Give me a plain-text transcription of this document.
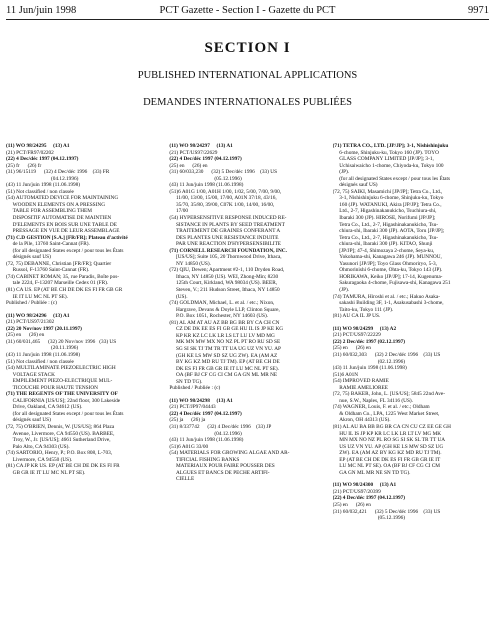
11 Jun/juin 1998	PCT Gazette - Section I - Gazette du PCT	9971
SECTION I
PUBLISHED INTERNATIONAL APPLICATIONS
DEMANDES INTERNATIONALES PUBLIÉES
(11) WO 98/24295     (13) A1
(21) PCT/FR97/02202
(22) 4 Dec/déc 1997 (04.12.1997)
(25) fr      (26) fr
(31) 96/15119      (32) 4 Dec/déc 1996    (33) FR
(04.12.1996)
(43) 11 Jun/juin 1998 (11.06.1998)
(51) Not classified / non classée
(54) AUTOMATED DEVICE FOR MAINTAINING
WOODEN ELEMENTS ON A PRESSING
TABLE FOR ASSEMBLING THEM
DISPOSITIF AUTOMATISE DE MAINTIEN
D'ELEMENTS EN BOIS SUR UNE TABLE DE
PRESSAGE EN VUE DE LEUR ASSEMBLAGE
(71) C.D GESTION [S.A.] [FR/FR]; Plateau d'activité
de la Pile, 13760 Saint-Cannat (FR).
(for all designated States except / pour tous les États
désignés sauf US)
(72, 75) DEBANNE, Christian [FR/FR]; Quartier
Russol, F-13760 Saint-Cannat (FR).
(74) CABINET ROMAN; 35, rue Paradis, Boîte pos-
tale 2224, F-13207 Marseille Cedex 01 (FR).
(81) CA US. EP (AT BE CH DE DK ES FI FR GB GR
IE IT LU MC NL PT SE).
Published / Publiée : (c)
(11) WO 98/24296     (13) A1
(21) PCT/US97/21302
(22) 20 Nov/nov 1997 (20.11.1997)
(25) en      (26) en
(31) 60/031,465      (32) 20 Nov/nov 1996   (33) US
(20.11.1996)
(43) 11 Jun/juin 1998 (11.06.1998)
(51) Not classified / non classée
(54) MULTILAMINATE PIEZOELECTRIC HIGH
VOLTAGE STACK
EMPILEMENT PIEZO-ELECTRIQUE MUL-
TICOUCHE POUR HAUTE TENSION
(71) THE REGENTS OF THE UNIVERSITY OF
CALIFORNIA [US/US]; 22nd floor, 300 Lakeside
Drive, Oakland, CA 94612 (US).
(for all designated States except / pour tous les États
désignés sauf US)
(72, 75) O'BRIEN, Dennis, W. [US/US]; 864 Plaza
Avenue, Livermore, CA 94550 (US). BARBEE,
Troy, W., Jr. [US/US]; 4661 Sutherland Drive,
Palo Alto, CA 94303 (US).
(74) SARTORIO, Henry, P.; P.O. Box 808, L-703,
Livermore, CA 94550 (US).
(81) CA JP KR US. EP (AT BE CH DE DK ES FI FR
GB GR IE IT LU MC NL PT SE).
(11) WO 98/24297     (13) A1
(21) PCT/US97/22629
(22) 4 Dec/déc 1997 (04.12.1997)
(25) en      (26) en
(31) 60/033,230      (32) 5 Dec/déc 1996    (33) US
(05.12.1996)
(43) 11 Jun/juin 1998 (11.06.1998)
(51)6 A01G 1/00, A01H 1/00, 1/02, 5/00, 7/00, 9/00,
11/00, 13/00, 15/00, 17/00, A01N 37/18, 43/16,
35/70, 35/80, 39/00, C07K 1/00, 14/00, 16/00,
17/00
(54) HYPERSENSITIVE RESPONSE INDUCED RE-
SISTANCE IN PLANTS BY SEED TREATMENT
TRAITEMENT DE GRAINES CONFERANT A
DES PLANTES UNE RESISTANCE INDUITE
PAR UNE REACTION D'HYPERSENSIBILITE
(71) CORNELL RESEARCH FOUNDATION, INC.
[US/US]; Suite 105, 20 Thornwood Drive, Ithaca,
NY 14850 (US).
(72) QIU, Dewen; Apartment #2-1, 110 Dryden Road,
Ithaca, NY 14850 (US). WEI, Zhong-Min; 8230
125th Court, Kirkland, WA 98034 (US). BEER,
Steven, V.; 211 Hudson Street, Ithaca, NY 14850
(US).
(74) GOLDMAN, Michael, L. et al. / etc.; Nixon,
Hargrave, Devans & Doyle LLP, Clinton Square,
P.O. Box 1051, Rochester, NY 14603 (US).
(81) AL AM AT AU AZ BB BG BR BY CA CH CN
CZ DE DK EE ES FI GB GE HU IL IS JP KE KG
KP KR KZ LC LK LR LS LT LU LV MD MG
MK MN MW MX NO NZ PL PT RO RU SD SE
SG SI SK TJ TM TR TT UA UG UZ VN YU. AP
(GH KE LS MW SD SZ UG ZW). EA (AM AZ
BY KG KZ MD RU TJ TM). EP (AT BE CH DE
DK ES FI FR GB GR IE IT LU MC NL PT SE).
OA (BF BJ CF CG CI CM GA GN ML MR NE
SN TD TG).
Published / Publiée : (c)
(11) WO 98/24298     (13) A1
(21) PCT/JP97/04443
(22) 4 Dec/déc 1997 (04.12.1997)
(25) ja      (26) ja
(31) 8/337742      (32) 4 Dec/déc 1996    (33) JP
(04.12.1996)
(43) 11 Jun/juin 1998 (11.06.1998)
(51)6 A01G 33/00
(54) MATERIALS FOR GROWING ALGAE AND AR-
TIFICIAL FISHING BANKS
MATERIAUX POUR FAIRE POUSSER DES
ALGUES ET BANCS DE PECHE ARTIFI-
CIELLE
(71) TETRA CO., LTD. [JP/JP]; 3-1, Nishishinjuku
6-chome, Shinjuku-ku, Tokyo 160 (JP). TOYO
GLASS COMPANY LIMITED [JP/JP]; 3-1,
Uchisaiwaicho 1-chome, Chiyoda-ku, Tokyo 100
(JP).
(for all designated States except / pour tous les États
désignés sauf US)
(72, 75) SAIKI, Masamichi [JP/JP]; Tetra Co., Ltd.,
3-1, Nishishinjuku 6-chome, Shinjuku-ku, Tokyo
160 (JP). WATANUKI, Akira [JP/JP]; Tetra Co.,
Ltd., 2-7, Higashinakanukicho, Tsuchiura-shi,
Ibaraki 300 (JP). HIROSE, Norifumi [JP/JP];
Tetra Co., Ltd., 2-7, Higashinakanukicho, Tsu-
chiura-shi, Ibaraki 300 (JP). AOTA, Toru [JP/JP];
Tetra Co., Ltd., 2-7, Higashinakanukicho, Tsu-
chiura-shi, Ibaraki 300 (JP). KITAO, Shunji
[JP/JP]; 47-4, Shimozaya 2-chome, Seya-ku,
Yokohama-shi, Kanagawa 246 (JP). MUNNOU,
Yasunori [JP/JP]; Toyo Glass Ohmoriryo, 5-3,
Ohmorinishi 6-chome, Ohta-ku, Tokyo 143 (JP).
HORIKAWA, Keiko [JP/JP]; 17-14, Kugenuma-
Sakuragaoka 4-chome, Fujisawa-shi, Kanagawa 251
(JP).
(74) TAMURA, Hiroshi et al. / etc.; Hakuo Asaka-
sakashi Building 3F, 1-1, Asakusabashi 3-chome,
Taito-ku, Tokyo 111 (JP).
(81) AU CA IL JP US.
(11) WO 98/24299     (13) A2
(21) PCT/US97/22229
(22) 2 Dec/déc 1997 (02.12.1997)
(25) en      (26) en
(31) 60/032,303      (32) 2 Dec/déc 1996    (33) US
(02.12.1996)
(43) 11 Jun/juin 1998 (11.06.1998)
(51)6 A01N
(54) IMPROVED RAMIE
RAMIE AMELIOREE
(72, 75) BAKER, John, L. [US/US]; 5845 22nd Ave-
nue, S.W., Naples, FL 34116 (US).
(74) WAGNER, Louis, F. et al. / etc.; Oldham
& Oldham Co., LPA, 1225 West Market Street,
Akron, OH 44313 (US).
(81) AL AU BA BB BG BR CA CN CU CZ EE GE GH
HU IL IS JP KP KR LC LK LR LT LV MG MK
MN MX NO NZ PL RO SG SI SK SL TR TT UA
US UZ VN YU. AP (GH KE LS MW SD SZ UG
ZW). EA (AM AZ BY KG KZ MD RU TJ TM).
EP (AT BE CH DE DK ES FI FR GB GR IE IT
LU MC NL PT SE). OA (BF BJ CF CG CI CM
GA GN ML MR NE SN TD TG).
(11) WO 98/24300     (13) A1
(21) PCT/US97/20399
(22) 4 Dec/déc 1997 (04.12.1997)
(25) en      (26) en
(31) 60/032,421      (32) 5 Dec/déc 1996    (33) US
(05.12.1996)
